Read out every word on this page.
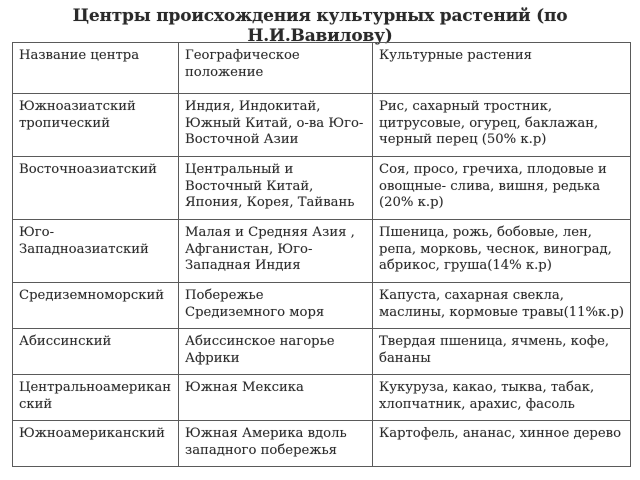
Центры происхождения культурных растений (по Н.И.Вавилову)
Название центра	Географическое положение	Культурные растения
Южноазиатский тропический	Индия, Индокитай, Южный Китай, о-ва Юго-Восточной Азии	Рис, сахарный тростник, цитрусовые, огурец, баклажан, черный перец (50% к.р)
Восточноазиатский	Центральный и Восточный Китай, Япония, Корея, Тайвань	Соя, просо, гречиха, плодовые и овощные- слива, вишня, редька (20% к.р)
Юго-Западноазиатский	Малая и Средняя Азия , Афганистан, Юго-Западная Индия	Пшеница, рожь, бобовые, лен, репа, морковь, чеснок, виноград, абрикос, груша(14% к.р)
Средиземноморский	Побережье Средиземного моря	Капуста, сахарная свекла, маслины, кормовые травы(11%к.р)
Абиссинский	Абиссинское нагорье Африки	Твердая пшеница, ячмень, кофе, бананы
Центральноамериканский	Южная Мексика	Кукуруза, какао, тыква, табак, хлопчатник, арахис, фасоль
Южноамериканский	Южная Америка вдоль западного побережья	Картофель, ананас, хинное дерево
